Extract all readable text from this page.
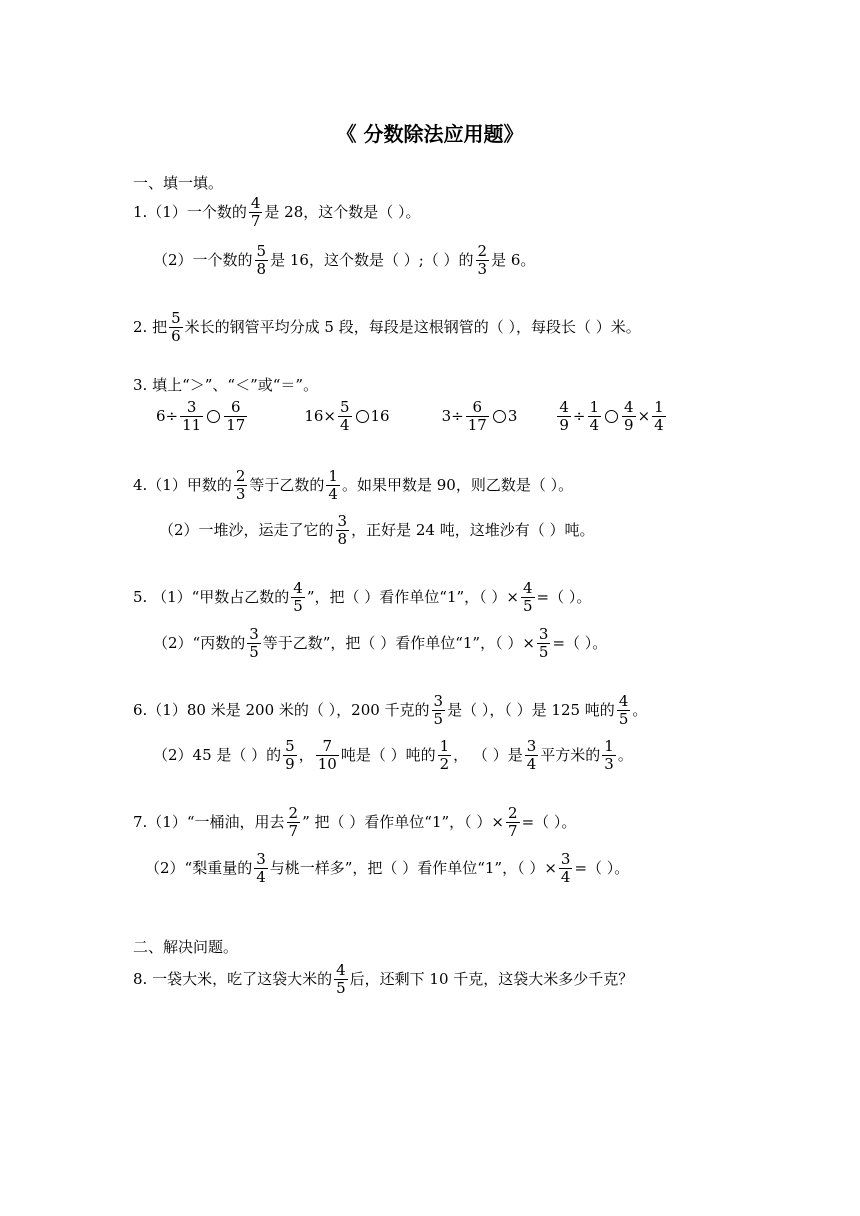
《 分数除法应用题》
一、填一填。
1.（1）一个数的 $\frac{4}{7}$ 是 28，这个数是（ ）。
（2）一个数的 $\frac{5}{8}$ 是 16，这个数是（ ）;（ ）的 $\frac{2}{3}$ 是 6。
2. 把 $\frac{5}{6}$ 米长的钢管平均分成 5 段，每段是这根钢管的（ ），每段长（ ）米。
3. 填上“＞”、“＜”或“＝”。
$6\div \frac{3}{11} \frac{6}{17}$	$16\times \frac{5}{4} 16$	$3\div \frac{6}{17} 3$	$\frac{4}{9} \div \frac{1}{4} \frac{4}{9} \times \frac{1}{4}$
4.（1）甲数的 $\frac{2}{3}$ 等于乙数的 $\frac{1}{4}$ 。如果甲数是 90，则乙数是（ ）。
（2）一堆沙，运走了它的 $\frac{3}{8}$ ，正好是 24 吨，这堆沙有（ ）吨。
5. （1）“甲数占乙数的 $\frac{4}{5}$ ”，把（ ）看作单位“1”，（ ）× $\frac{4}{5}$ =（ ）。
（2）“丙数的 $\frac{3}{5}$ 等于乙数”，把（ ）看作单位“1”，（ ）× $\frac{3}{5}$ =（ ）。
6.（1）80 米是 200 米的（ ），200 千克的 $\frac{3}{5}$ 是（ ），（ ）是 125 吨的 $\frac{4}{5}$ 。
（2）45 是（ ）的 $\frac{5}{9}$ ， $\frac{7}{10}$ 吨是（ ）吨的 $\frac{1}{2}$ ， （ ）是 $\frac{3}{4}$ 平方米的 $\frac{1}{3}$ 。
7.（1）“一桶油，用去 $\frac{2}{7}$ ” 把（ ）看作单位“1”，（ ）× $\frac{2}{7}$ =（ ）。
（2）“梨重量的 $\frac{3}{4}$ 与桃一样多”，把（ ）看作单位“1”，（ ）× $\frac{3}{4}$ =（ ）。
二、解决问题。
8. 一袋大米，吃了这袋大米的 $\frac{4}{5}$ 后，还剩下 10 千克，这袋大米多少千克？
